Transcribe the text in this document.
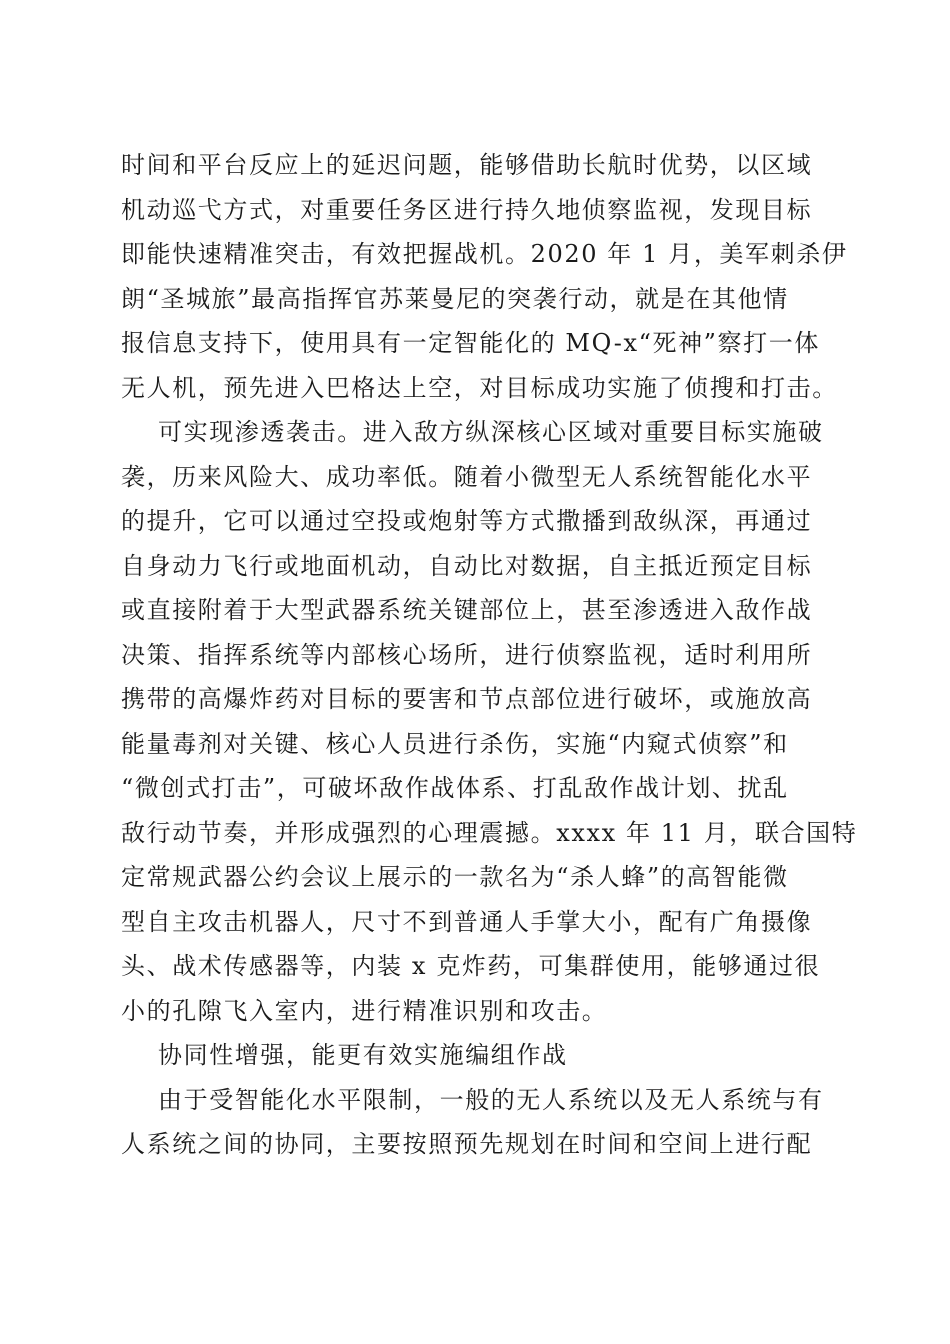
时间和平台反应上的延迟问题，能够借助长航时优势，以区域
机动巡弋方式，对重要任务区进行持久地侦察监视，发现目标
即能快速精准突击，有效把握战机。2020 年 1 月，美军刺杀伊
朗“圣城旅”最高指挥官苏莱曼尼的突袭行动，就是在其他情
报信息支持下，使用具有一定智能化的 MQ-x“死神”察打一体
无人机，预先进入巴格达上空，对目标成功实施了侦搜和打击。
可实现渗透袭击。进入敌方纵深核心区域对重要目标实施破
袭，历来风险大、成功率低。随着小微型无人系统智能化水平
的提升，它可以通过空投或炮射等方式撒播到敌纵深，再通过
自身动力飞行或地面机动，自动比对数据，自主抵近预定目标
或直接附着于大型武器系统关键部位上，甚至渗透进入敌作战
决策、指挥系统等内部核心场所，进行侦察监视，适时利用所
携带的高爆炸药对目标的要害和节点部位进行破坏，或施放高
能量毒剂对关键、核心人员进行杀伤，实施“内窥式侦察”和
“微创式打击”，可破坏敌作战体系、打乱敌作战计划、扰乱
敌行动节奏，并形成强烈的心理震撼。xxxx 年 11 月，联合国特
定常规武器公约会议上展示的一款名为“杀人蜂”的高智能微
型自主攻击机器人，尺寸不到普通人手掌大小，配有广角摄像
头、战术传感器等，内装 x 克炸药，可集群使用，能够通过很
小的孔隙飞入室内，进行精准识别和攻击。
协同性增强，能更有效实施编组作战
由于受智能化水平限制，一般的无人系统以及无人系统与有
人系统之间的协同，主要按照预先规划在时间和空间上进行配
